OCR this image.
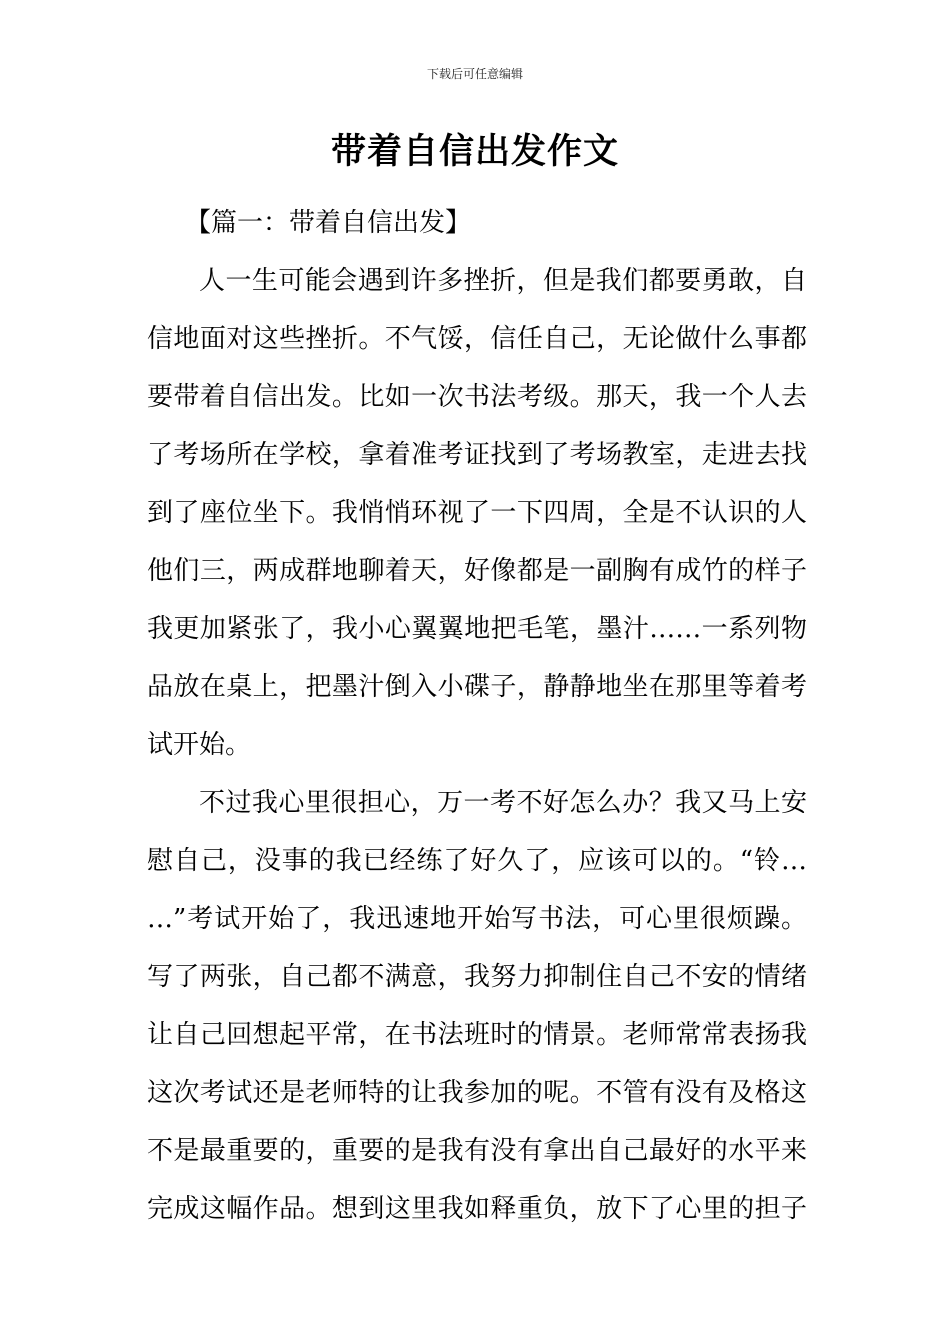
下载后可任意编辑
带着自信出发作文
【篇一：带着自信出发】
人一生可能会遇到许多挫折，但是我们都要勇敢，自
信地面对这些挫折。不气馁，信任自己，无论做什么事都
要带着自信出发。比如一次书法考级。那天，我一个人去
了考场所在学校，拿着准考证找到了考场教室，走进去找
到了座位坐下。我悄悄环视了一下四周，全是不认识的人
他们三，两成群地聊着天，好像都是一副胸有成竹的样子
我更加紧张了，我小心翼翼地把毛笔，墨汁……一系列物
品放在桌上，把墨汁倒入小碟子，静静地坐在那里等着考
试开始。
不过我心里很担心，万一考不好怎么办？我又马上安
慰自己，没事的我已经练了好久了，应该可以的。“铃…
…”考试开始了，我迅速地开始写书法，可心里很烦躁。
写了两张，自己都不满意，我努力抑制住自己不安的情绪
让自己回想起平常，在书法班时的情景。老师常常表扬我
这次考试还是老师特的让我参加的呢。不管有没有及格这
不是最重要的，重要的是我有没有拿出自己最好的水平来
完成这幅作品。想到这里我如释重负，放下了心里的担子
